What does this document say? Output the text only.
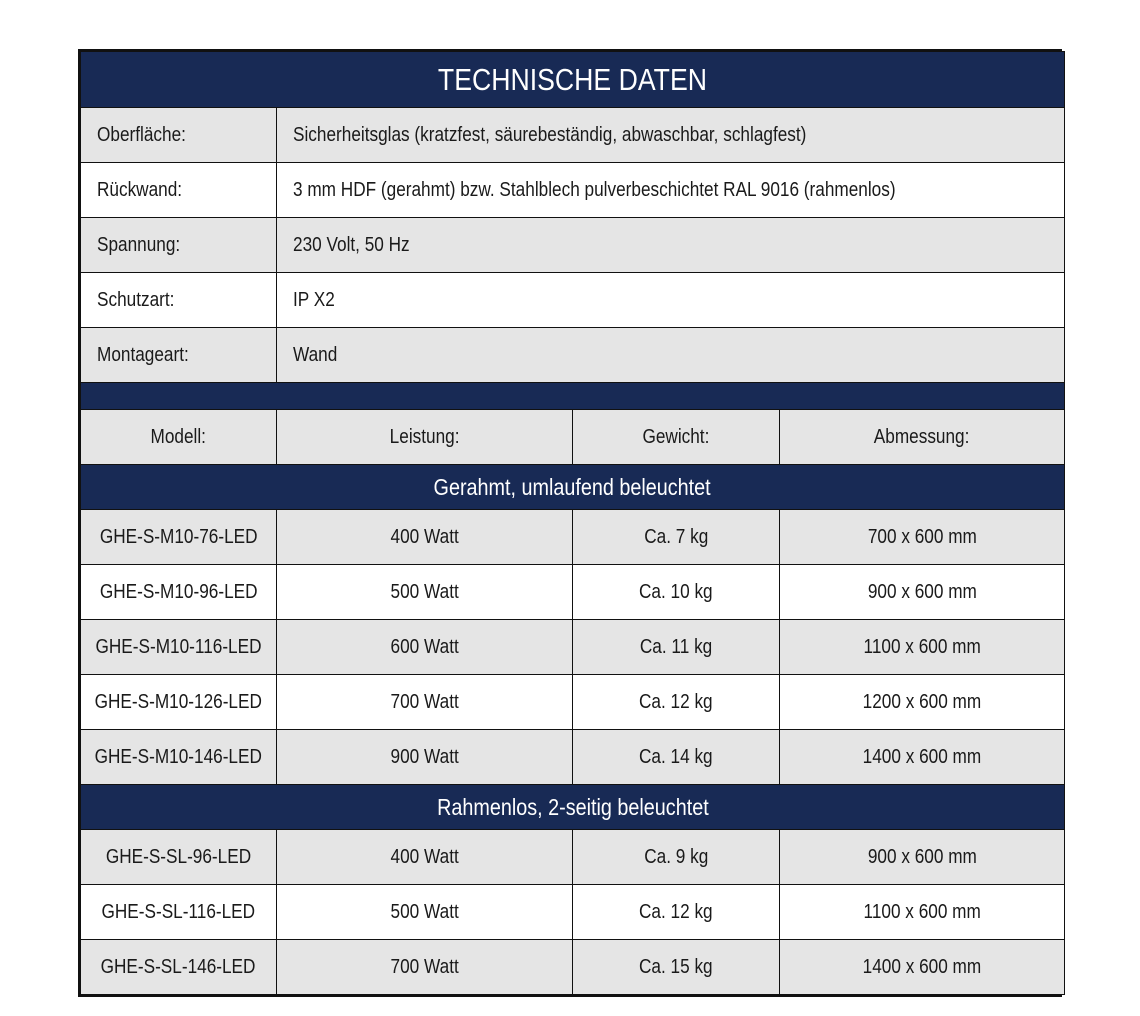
TECHNISCHE DATEN			
Oberfläche:	Sicherheitsglas (kratzfest, säurebeständig, abwaschbar, schlagfest)		
Rückwand:	3 mm HDF (gerahmt) bzw. Stahlblech pulverbeschichtet RAL 9016 (rahmenlos)		
Spannung:	230 Volt, 50 Hz		
Schutzart:	IP X2		
Montageart:	Wand		

Modell:	Leistung:	Gewicht:	Abmessung:
Gerahmt, umlaufend beleuchtet			
GHE-S-M10-76-LED	400 Watt	Ca. 7 kg	700 x 600 mm
GHE-S-M10-96-LED	500 Watt	Ca. 10 kg	900 x 600 mm
GHE-S-M10-116-LED	600 Watt	Ca. 11 kg	1100 x 600 mm
GHE-S-M10-126-LED	700 Watt	Ca. 12 kg	1200 x 600 mm
GHE-S-M10-146-LED	900 Watt	Ca. 14 kg	1400 x 600 mm
Rahmenlos, 2-seitig beleuchtet			
GHE-S-SL-96-LED	400 Watt	Ca. 9 kg	900 x 600 mm
GHE-S-SL-116-LED	500 Watt	Ca. 12 kg	1100 x 600 mm
GHE-S-SL-146-LED	700 Watt	Ca. 15 kg	1400 x 600 mm
